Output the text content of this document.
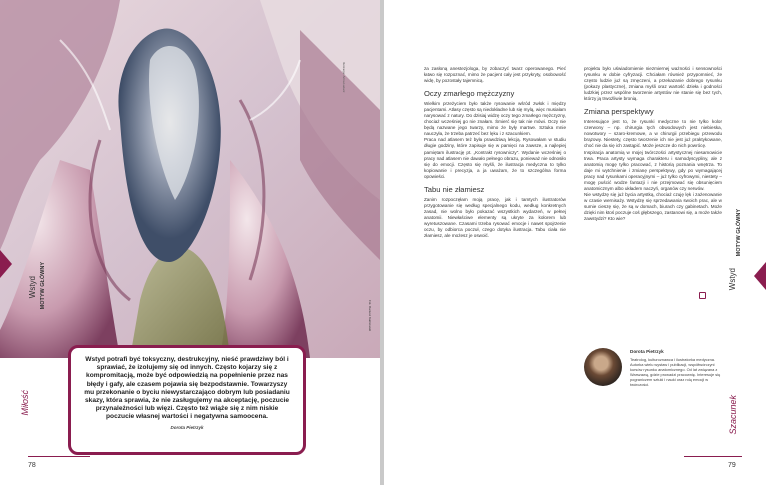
Ilustracja: Anna Łazarz
Wstyd MOTYW GŁÓWNY

Wstyd potrafi być toksyczny, destrukcyjny, nieść prawdziwy ból i sprawiać, że izolujemy się od innych. Często kojarzy się z kompromitacją, może być odpowiedzią na popełnienie przez nas błędy i gafy, ale czasem pojawia się bezpodstawnie. Towarzyszy mu przekonanie o byciu niewystarczająco dobrym lub posiadaniu skazy, która sprawia, że nie zasługujemy na akceptację, poczucie przynależności lub więzi. Często też wiąże się z nim niskie poczucie własnej wartości i negatywna samoocena.

Dorota Pietrzyk

Miłość
78
Fot. Dariusz Kalinowski

za zasłoną anestezjologa, by zobaczyć twarz operowanego. Pieć łatwo się rozpoznać, mimo że pacjent cały jest przykryty, osobowość widę, by pozostały tajemnicą.

Oczy zmarłego mężczyzny

Wielkim przeżyciem było także rysowanie wśród zwłok i między pacjentami. Atlasy często są niedokładne lub się mylą, więc musiałam narysować z natury. Do dzisiaj widzę oczy tego zmarłego mężczyzny, chociaż wcześniej go nie znałam. Śmierć się tak nie mówi. Oczy nie będą nazwane jego twarzy, mimo że były martwe. Sztuka mnie nauczyła, że trzeba patrzeć bez lęku i z szacunkiem.

Praca nad atlasem też była prawdziwą lekcją. Rysowałam w studiu długie godziny, które zapisuje się w pamięci na zawsze, a najlepiej pamiętam ilustrację pt. „Kontrakt rysowniczy”. Wydanie wcześniej o pracy nad atlasem nie dawało pełnego obrazu, ponieważ nie odnosiło się do emocji. Często się myśli, że ilustracja medyczna to tylko kopiowanie i precyzja, a ja uważam, że to szczególna forma opowieści.

Tabu nie złamiesz

Zanim rozpoczęłam moją pracę, jak i tamtych ilustratorów przygotowanie się według specjalnego kodu, według konkretnych zasad, nie wolno było pokazać wszystkich wydarzeń, w pełnej anatomii. Niewłaściwe elementy są ukryte za kolorem lub wyretuszowane. Czasami trzeba rysować emocje i nawet spojrzenie oczu, by odbiorca poczuł, czego dotyka ilustracja. Tabu ciała nie złamiesz, ale możesz je oswoić.

projektu było uświadomienie niezmiernej ważności i sensowności rysunku w dobie cyfryzacji. Chciałam również przypomnieć, że często ludzie już są zmęczeni, a przekazanie dobrego rysunku (pokazy plastyczne), zmiana myśli oraz wartość dzieła i godności ludzkiej przez wspólne tworzenie artystów nie stanie się bez tych, którzy ją trwożliwie bronią.

Zmiana perspektywy

Interesujące jest to, że rysunki medyczne to nie tylko kolor czerwony – np. chirurgia tych obwodowych jest niebieska, nowotwory – szaro-kremowe, a w chirurgii przebiegu przewodu brązowy. Niestety, często tworzenie ich nie jest już praktykowane, choć nie da się ich zastąpić. Może jeszcze do nich powrócę.

Inspiracja anatomią w mojej twórczości artystycznej niesamowicie trwa. Praca artysty wymaga charakteru i samodyscypliny, ale z anatomią mogę tylko pracować, z historią poznania wnętrza. To daje mi wytchnienie i zmianę perspektywy, gdy po wymagającej pracy nad rysunkami operacyjnymi – już tylko cyfrowymi, niestety – mogę puścić wodze fantazji i nie przejmować się obsunięciem anatomicznym albo układem naczyń, organów czy nerwów.

Nie wstydzę się już bycia artystką, chociaż czuję lęk i zażenowanie w czasie wernisaży. Wstydzę się sprzedawania swoich prac, ale w sumie cieszę się, że są w domach, biurach czy gabinetach. Może dzięki nim ktoś poczuje coś głębszego, zastanowi się, a może także zawstydzi? Kto wie?	MOTYW GŁÓWNY
Wstyd
Dorota Pietrzyk
Teatrolog, kulturoznawca i ilustratorka medyczna. Autorka wielu wystaw i publikacji, współtwórczyni kursów rysunku anatomicznego. Od lat związana z Warszawą, gdzie prowadzi pracownię. Interesuje się pograniczem sztuki i nauki oraz rolą emocji w twórczości.
Szacunek
79
